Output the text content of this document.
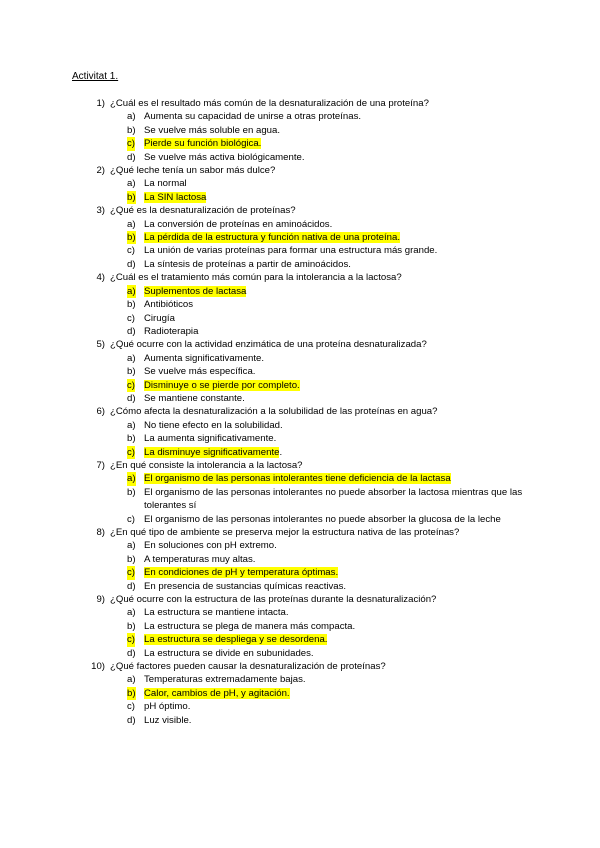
Activitat 1.
1) ¿Cuál es el resultado más común de la desnaturalización de una proteína?
a) Aumenta su capacidad de unirse a otras proteínas.
b) Se vuelve más soluble en agua.
c) Pierde su función biológica.
d) Se vuelve más activa biológicamente.
2) ¿Qué leche tenía un sabor más dulce?
a) La normal
b) La SIN lactosa
3) ¿Qué es la desnaturalización de proteínas?
a) La conversión de proteínas en aminoácidos.
b) La pérdida de la estructura y función nativa de una proteína.
c) La unión de varias proteínas para formar una estructura más grande.
d) La síntesis de proteínas a partir de aminoácidos.
4) ¿Cuál es el tratamiento más común para la intolerancia a la lactosa?
a) Suplementos de lactasa
b) Antibióticos
c) Cirugía
d) Radioterapia
5) ¿Qué ocurre con la actividad enzimática de una proteína desnaturalizada?
a) Aumenta significativamente.
b) Se vuelve más específica.
c) Disminuye o se pierde por completo.
d) Se mantiene constante.
6) ¿Cómo afecta la desnaturalización a la solubilidad de las proteínas en agua?
a) No tiene efecto en la solubilidad.
b) La aumenta significativamente.
c) La disminuye significativamente.
7) ¿En qué consiste la intolerancia a la lactosa?
a) El organismo de las personas intolerantes tiene deficiencia de la lactasa
b) El organismo de las personas intolerantes no puede absorber la lactosa mientras que las tolerantes sí
c) El organismo de las personas intolerantes no puede absorber la glucosa de la leche
8) ¿En qué tipo de ambiente se preserva mejor la estructura nativa de las proteínas?
a) En soluciones con pH extremo.
b) A temperaturas muy altas.
c) En condiciones de pH y temperatura óptimas.
d) En presencia de sustancias químicas reactivas.
9) ¿Qué ocurre con la estructura de las proteínas durante la desnaturalización?
a) La estructura se mantiene intacta.
b) La estructura se plega de manera más compacta.
c) La estructura se despliega y se desordena.
d) La estructura se divide en subunidades.
10) ¿Qué factores pueden causar la desnaturalización de proteínas?
a) Temperaturas extremadamente bajas.
b) Calor, cambios de pH, y agitación.
c) pH óptimo.
d) Luz visible.
